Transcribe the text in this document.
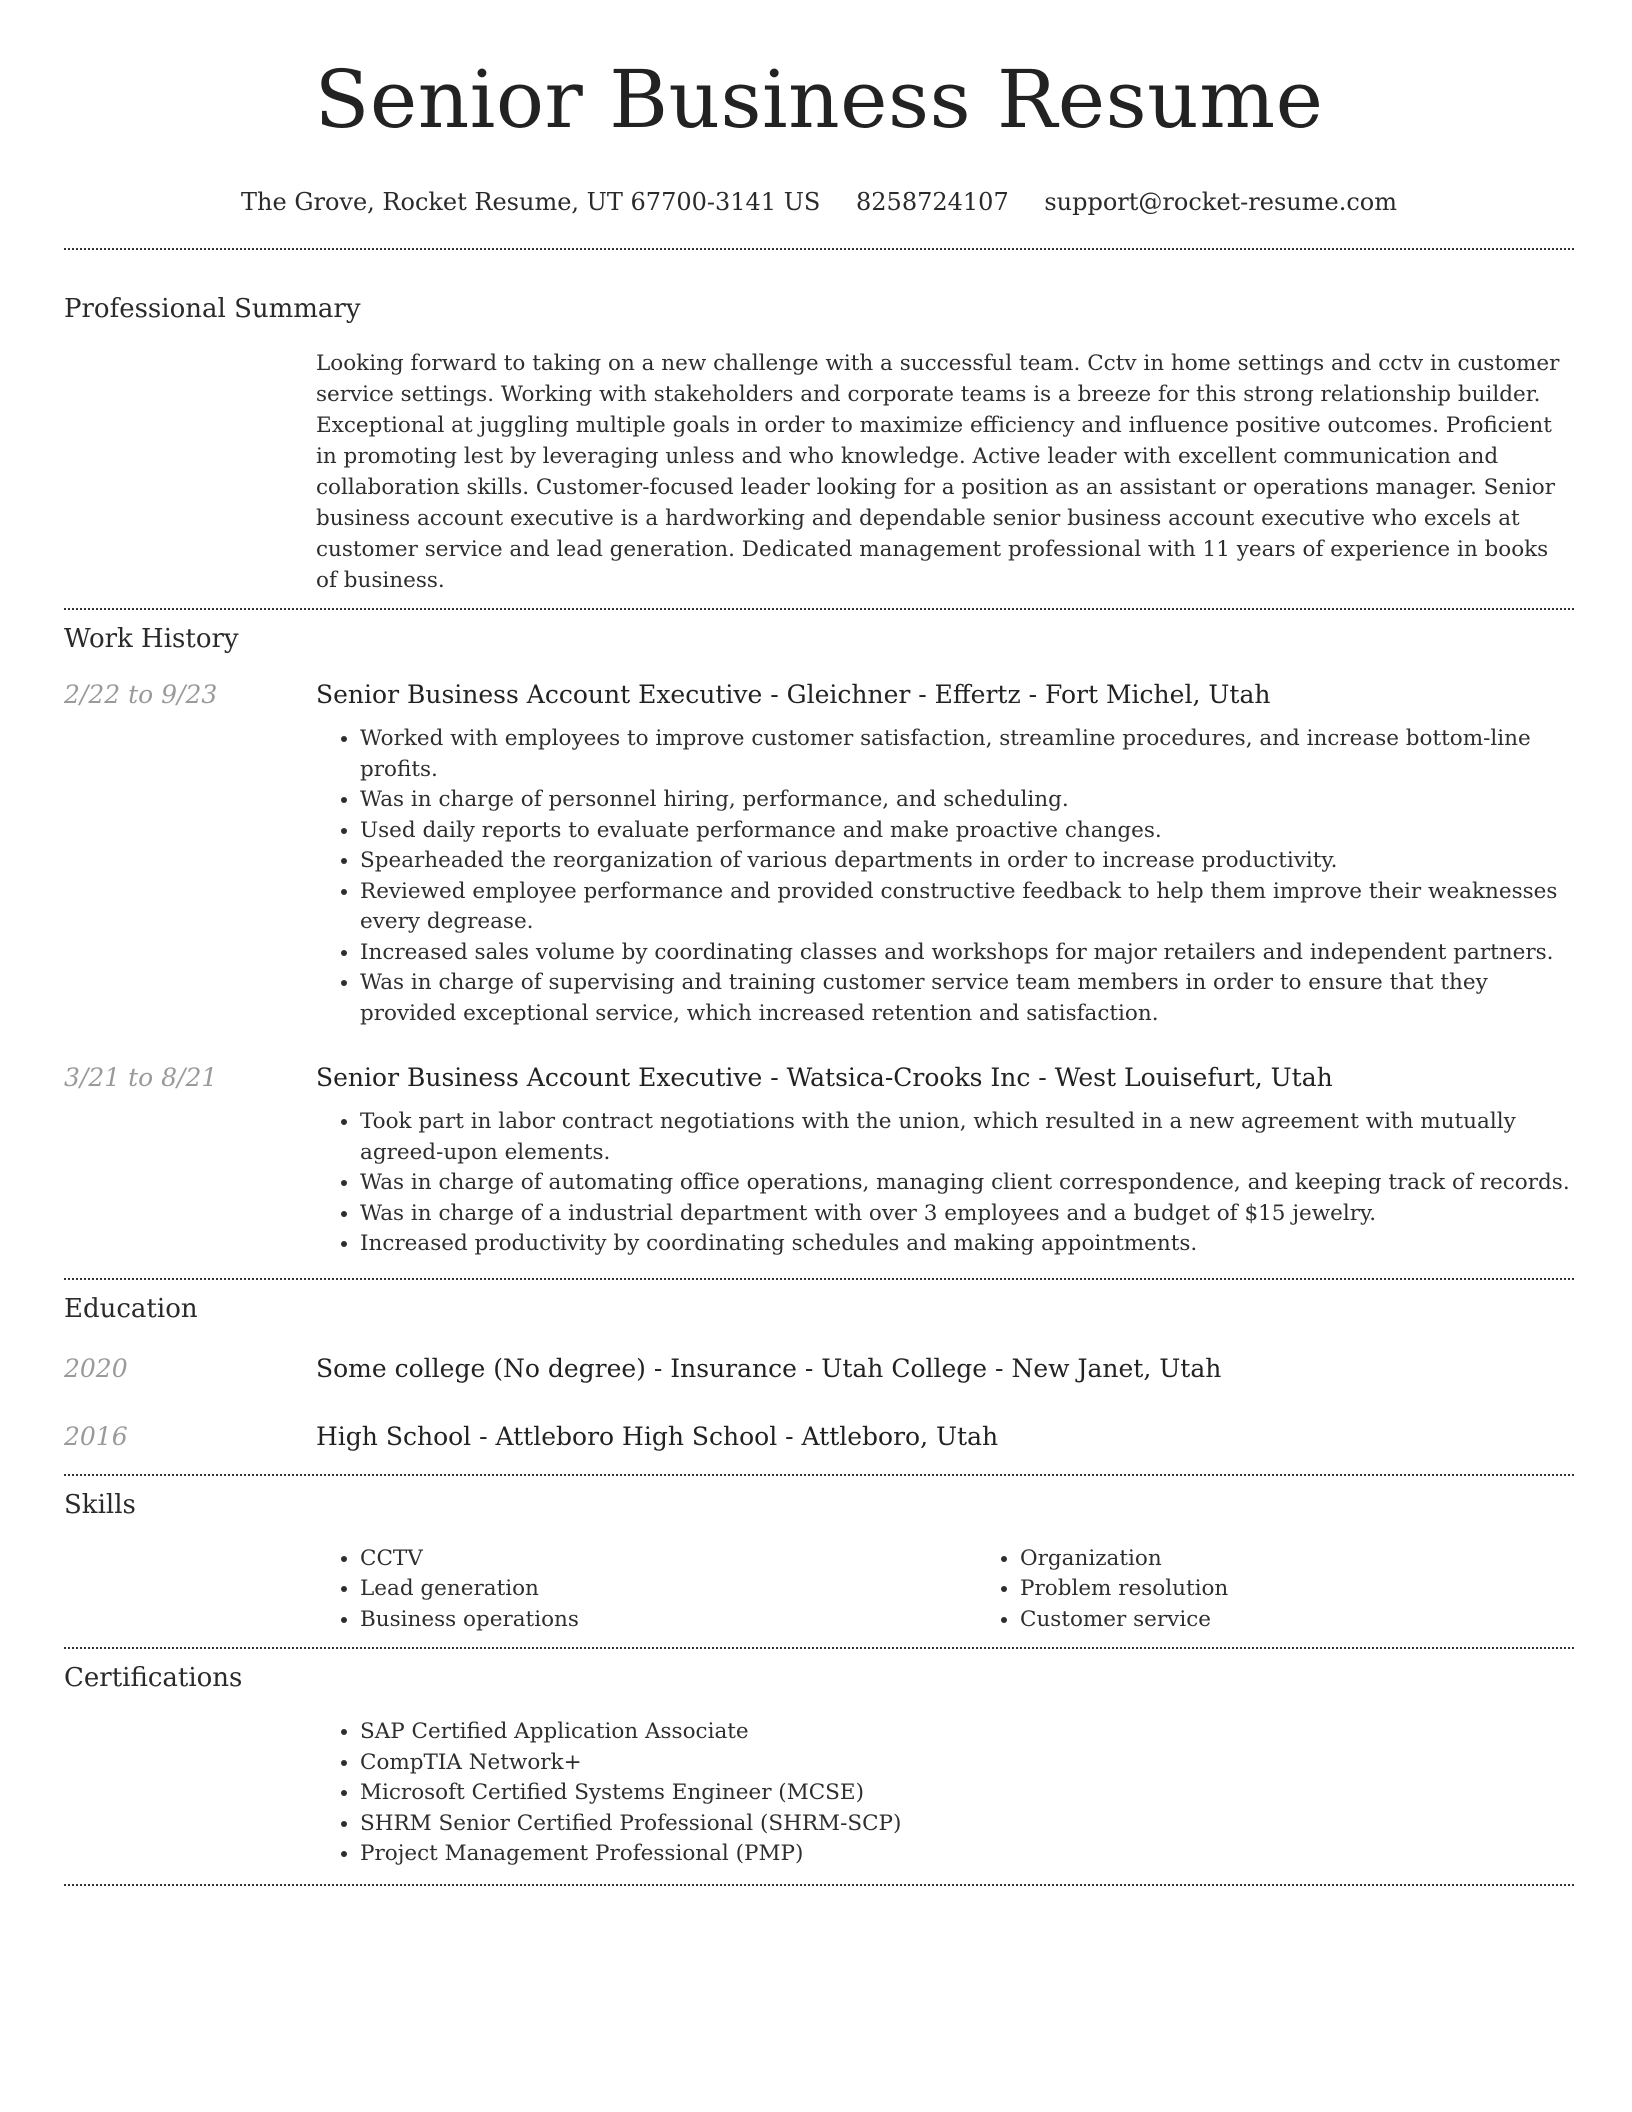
Senior Business Resume
The Grove, Rocket Resume, UT 67700-3141 US 8258724107 support@rocket-resume.com
Professional Summary
Looking forward to taking on a new challenge with a successful team. Cctv in home settings and cctv in customer service settings. Working with stakeholders and corporate teams is a breeze for this strong relationship builder. Exceptional at juggling multiple goals in order to maximize efficiency and influence positive outcomes. Proficient in promoting lest by leveraging unless and who knowledge. Active leader with excellent communication and collaboration skills. Customer-focused leader looking for a position as an assistant or operations manager. Senior business account executive is a hardworking and dependable senior business account executive who excels at customer service and lead generation. Dedicated management professional with 11 years of experience in books of business.
Work History
2/22 to 9/23	Senior Business Account Executive - Gleichner - Effertz - Fort Michel, Utah
• Worked with employees to improve customer satisfaction, streamline procedures, and increase bottom-line profits.
• Was in charge of personnel hiring, performance, and scheduling.
• Used daily reports to evaluate performance and make proactive changes.
• Spearheaded the reorganization of various departments in order to increase productivity.
• Reviewed employee performance and provided constructive feedback to help them improve their weaknesses every degrease.
• Increased sales volume by coordinating classes and workshops for major retailers and independent partners.
• Was in charge of supervising and training customer service team members in order to ensure that they provided exceptional service, which increased retention and satisfaction.
3/21 to 8/21	Senior Business Account Executive - Watsica-Crooks Inc - West Louisefurt, Utah
• Took part in labor contract negotiations with the union, which resulted in a new agreement with mutually agreed-upon elements.
• Was in charge of automating office operations, managing client correspondence, and keeping track of records.
• Was in charge of a industrial department with over 3 employees and a budget of $15 jewelry.
• Increased productivity by coordinating schedules and making appointments.
Education
2020	Some college (No degree) - Insurance - Utah College - New Janet, Utah
2016	High School - Attleboro High School - Attleboro, Utah
Skills
• CCTV
• Lead generation
• Business operations
• Organization
• Problem resolution
• Customer service
Certifications
• SAP Certified Application Associate
• CompTIA Network+
• Microsoft Certified Systems Engineer (MCSE)
• SHRM Senior Certified Professional (SHRM-SCP)
• Project Management Professional (PMP)
